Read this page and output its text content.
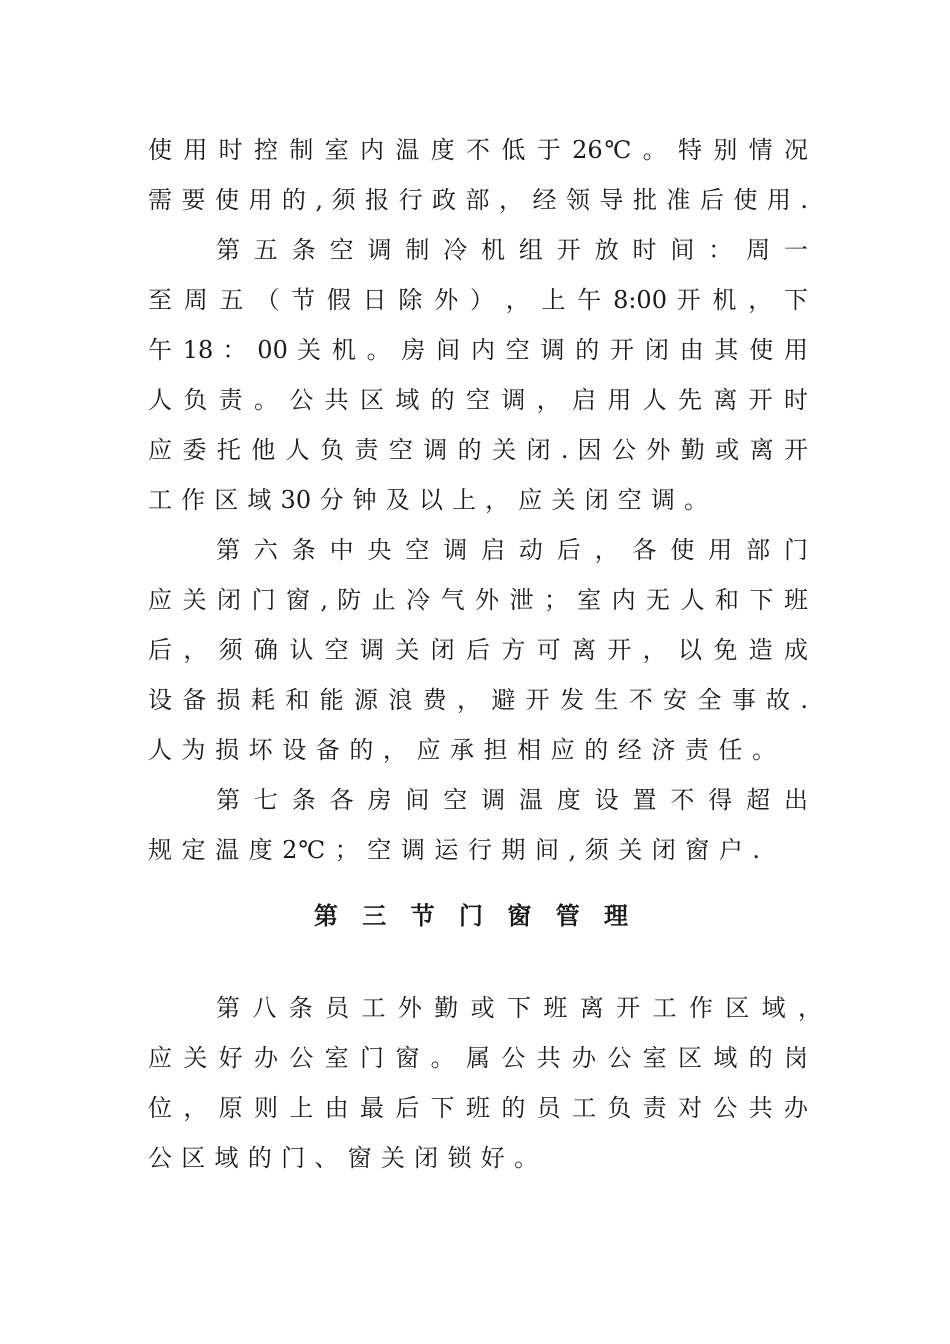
使 用 时 控 制 室 内 温 度 不 低 于 26℃ 。 特 别 情 况
需 要 使 用 的 , 须 报 行 政 部 ， 经 领 导 批 准 后 使 用 .
第 五 条 空 调 制 冷 机 组 开 放 时 间 ： 周 一
至 周 五 （ 节 假 日 除 外 ） ， 上 午 8:00 开 机 ， 下
午 18 ： 00 关 机 。 房 间 内 空 调 的 开 闭 由 其 使 用
人 负 责 。 公 共 区 域 的 空 调 ， 启 用 人 先 离 开 时
应 委 托 他 人 负 责 空 调 的 关 闭 . 因 公 外 勤 或 离 开
工 作 区 域 30 分 钟 及 以 上 ， 应 关 闭 空 调 。
第 六 条 中 央 空 调 启 动 后 ， 各 使 用 部 门
应 关 闭 门 窗 , 防 止 冷 气 外 泄 ； 室 内 无 人 和 下 班
后 ， 须 确 认 空 调 关 闭 后 方 可 离 开 ， 以 免 造 成
设 备 损 耗 和 能 源 浪 费 ， 避 开 发 生 不 安 全 事 故 .
人 为 损 坏 设 备 的 ， 应 承 担 相 应 的 经 济 责 任 。
第 七 条 各 房 间 空 调 温 度 设 置 不 得 超 出
规 定 温 度 2℃ ； 空 调 运 行 期 间 , 须 关 闭 窗 户 .
第 三 节 门 窗 管 理
第 八 条 员 工 外 勤 或 下 班 离 开 工 作 区 域 ，
应 关 好 办 公 室 门 窗 。 属 公 共 办 公 室 区 域 的 岗
位 ， 原 则 上 由 最 后 下 班 的 员 工 负 责 对 公 共 办
公 区 域 的 门 、 窗 关 闭 锁 好 。
